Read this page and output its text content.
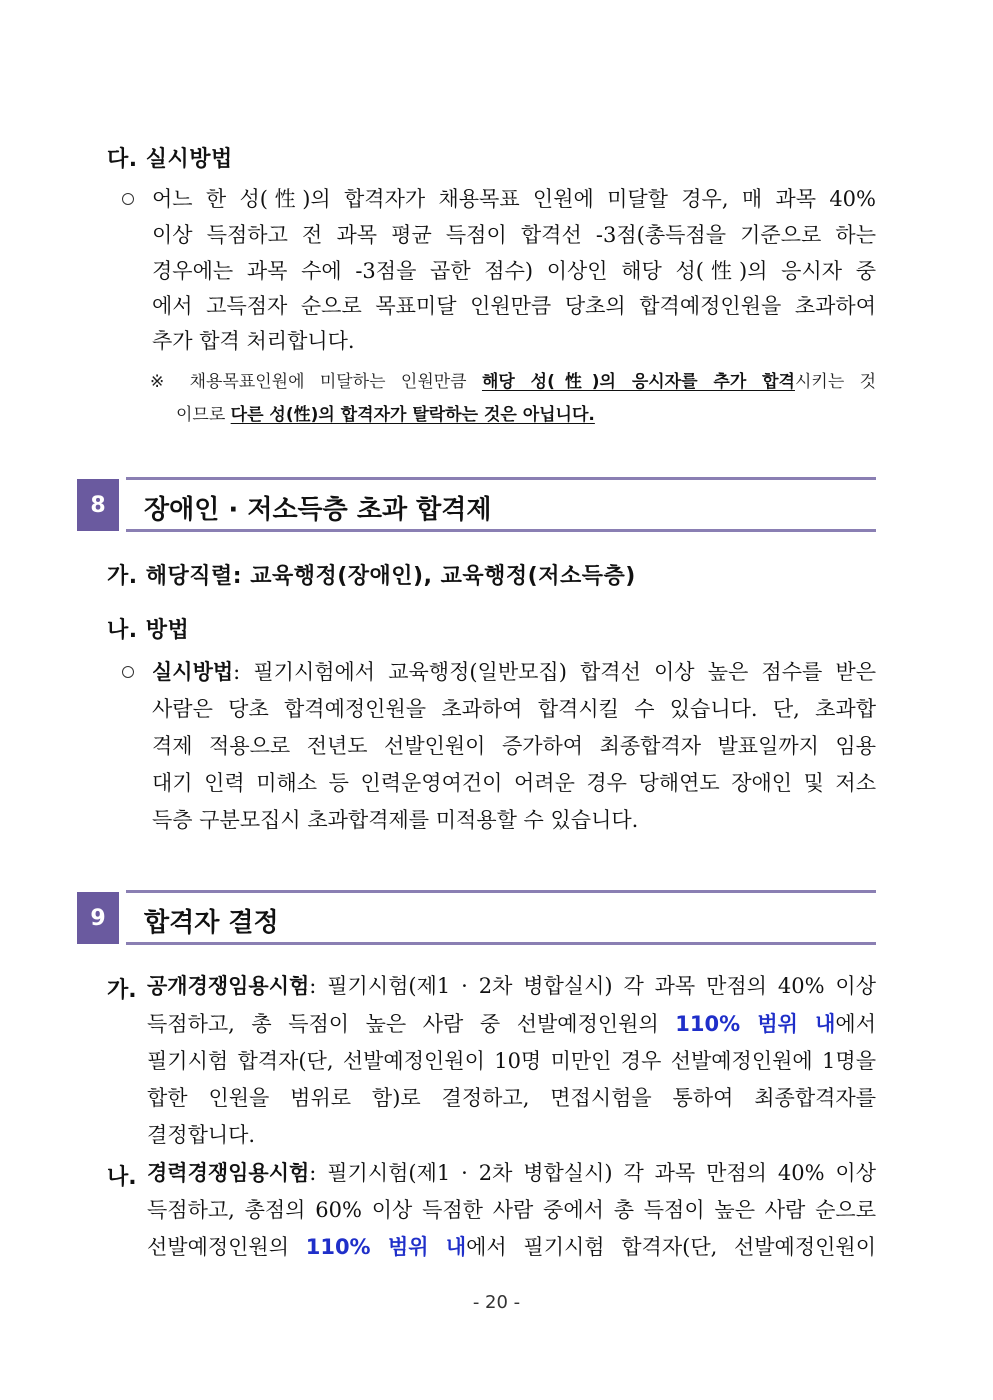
다. 실시방법
어느 한 성(性)의 합격자가 채용목표 인원에 미달할 경우, 매 과목 40%
이상 득점하고 전 과목 평균 득점이 합격선 -3점(총득점을 기준으로 하는
경우에는 과목 수에 -3점을 곱한 점수) 이상인 해당 성(性)의 응시자 중
에서 고득점자 순으로 목표미달 인원만큼 당초의 합격예정인원을 초과하여
추가 합격 처리합니다.
※ 채용목표인원에 미달하는 인원만큼 해당 성(性)의 응시자를 추가 합격시키는 것
이므로 다른 성(性)의 합격자가 탈락하는 것은 아닙니다.
8	장애인 · 저소득층 초과 합격제
가. 해당직렬: 교육행정(장애인), 교육행정(저소득층)
나. 방법
실시방법: 필기시험에서 교육행정(일반모집) 합격선 이상 높은 점수를 받은
사람은 당초 합격예정인원을 초과하여 합격시킬 수 있습니다. 단, 초과합
격제 적용으로 전년도 선발인원이 증가하여 최종합격자 발표일까지 임용
대기 인력 미해소 등 인력운영여건이 어려운 경우 당해연도 장애인 및 저소
득층 구분모집시 초과합격제를 미적용할 수 있습니다.
9	합격자 결정
가. 공개경쟁임용시험: 필기시험(제1 · 2차 병합실시) 각 과목 만점의 40% 이상
득점하고, 총 득점이 높은 사람 중 선발예정인원의 110% 범위 내에서
필기시험 합격자(단, 선발예정인원이 10명 미만인 경우 선발예정인원에 1명을
합한 인원을 범위로 함)로 결정하고, 면접시험을 통하여 최종합격자를
결정합니다.
나. 경력경쟁임용시험: 필기시험(제1 · 2차 병합실시) 각 과목 만점의 40% 이상
득점하고, 총점의 60% 이상 득점한 사람 중에서 총 득점이 높은 사람 순으로
선발예정인원의 110% 범위 내에서 필기시험 합격자(단, 선발예정인원이
- 20 -
